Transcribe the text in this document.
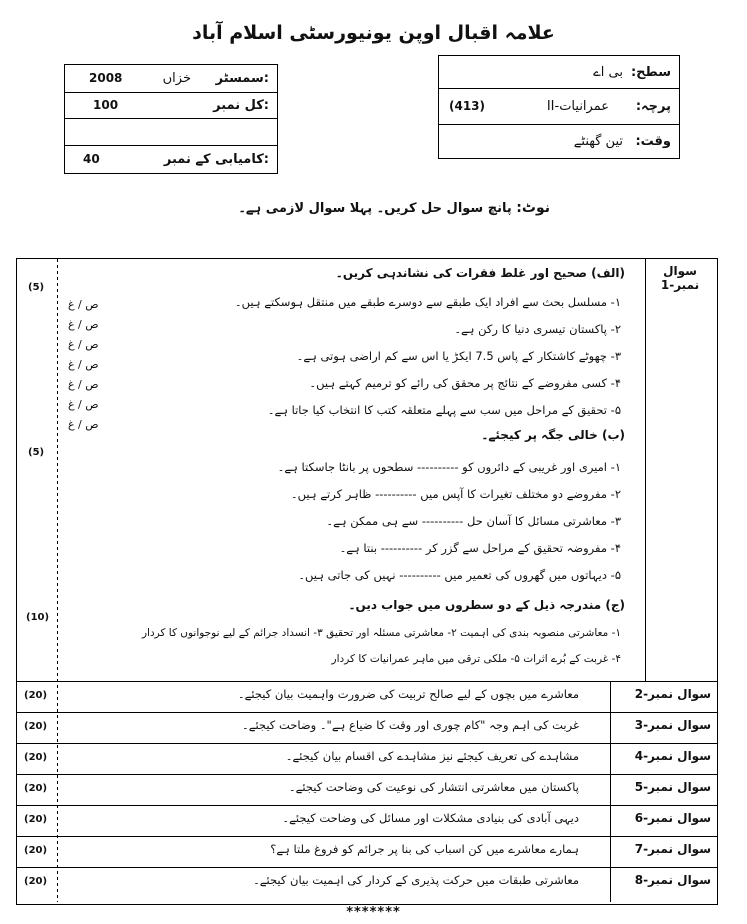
علامہ اقبال اوپن یونیورسٹی اسلام آباد
سمسٹر:
خزاں
2008
کل نمبر:
100
کامیابی کے نمبر:
40
سطح:
بی اے
پرچہ:
عمرانیات-II
(413)
وقت:
تین گھنٹے
نوٹ: پانچ سوال حل کریں۔ پہلا سوال لازمی ہے۔
سوال نمبر-1
(الف) صحیح اور غلط فقرات کی نشاندہی کریں۔
(5)
۱- مسلسل بحث سے افراد ایک طبقے سے دوسرے طبقے میں منتقل ہوسکتے ہیں۔
۲- پاکستان تیسری دنیا کا رکن ہے۔
۳- چھوٹے کاشتکار کے پاس 7.5 ایکڑ یا اس سے کم اراضی ہوتی ہے۔
۴- کسی مفروضے کے نتائج پر محقق کی رائے کو ترمیم کہتے ہیں۔
۵- تحقیق کے مراحل میں سب سے پہلے متعلقہ کتب کا انتخاب کیا جاتا ہے۔
ص / غ
ص / غ
ص / غ
ص / غ
ص / غ
ص / غ
ص / غ
(ب) خالی جگہ پر کیجئے۔
(5)
۱- امیری اور غریبی کے دائروں کو ---------- سطحوں پر بانٹا جاسکتا ہے۔
۲- مفروضے دو مختلف تغیرات کا آپس میں ---------- ظاہر کرتے ہیں۔
۳- معاشرتی مسائل کا آسان حل ---------- سے ہی ممکن ہے۔
۴- مفروضہ تحقیق کے مراحل سے گزر کر ---------- بنتا ہے۔
۵- دیہاتوں میں گھروں کی تعمیر میں ---------- نہیں کی جاتی ہیں۔
(ج) مندرجہ ذیل کے دو سطروں میں جواب دیں۔
(10)
۱- معاشرتی منصوبہ بندی کی اہمیت ۲- معاشرتی مسئلہ اور تحقیق ۳- انسداد جرائم کے لیے نوجوانوں کا کردار
۴- غربت کے بُرے اثرات ۵- ملکی ترقی میں ماہر عمرانیات کا کردار
سوال نمبر-2
معاشرے میں بچوں کے لیے صالح تربیت کی ضرورت واہمیت بیان کیجئے۔
(20)
سوال نمبر-3
غربت کی اہم وجہ "کام چوری اور وقت کا ضیاع ہے"۔ وضاحت کیجئے۔
(20)
سوال نمبر-4
مشاہدے کی تعریف کیجئے نیز مشاہدے کی اقسام بیان کیجئے۔
(20)
سوال نمبر-5
پاکستان میں معاشرتی انتشار کی نوعیت کی وضاحت کیجئے۔
(20)
سوال نمبر-6
دیہی آبادی کی بنیادی مشکلات اور مسائل کی وضاحت کیجئے۔
(20)
سوال نمبر-7
ہمارے معاشرے میں کن اسباب کی بنا پر جرائم کو فروغ ملتا ہے؟
(20)
سوال نمبر-8
معاشرتی طبقات میں حرکت پذیری کے کردار کی اہمیت بیان کیجئے۔
(20)
*******
